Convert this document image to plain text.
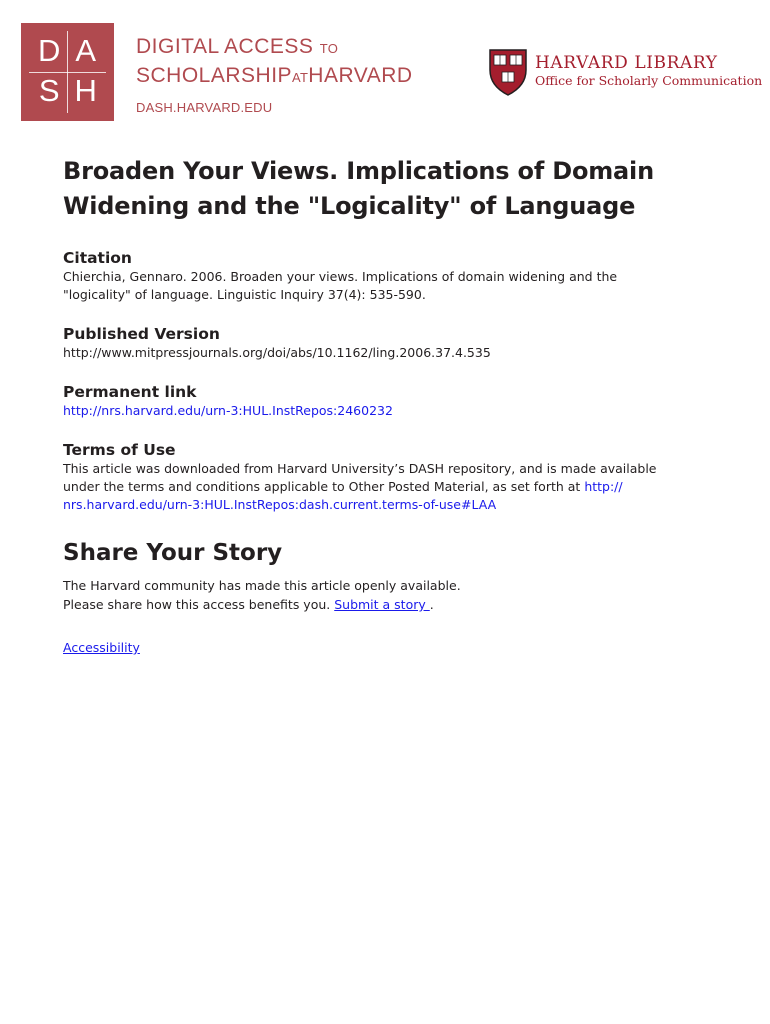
D A
S H
DIGITAL ACCESS TO
SCHOLARSHIPATHARVARD
DASH.HARVARD.EDU
HARVARD LIBRARY
Office for Scholarly Communication
Broaden Your Views. Implications of Domain
Widening and the "Logicality" of Language
Citation
Chierchia, Gennaro. 2006. Broaden your views. Implications of domain widening and the
"logicality" of language. Linguistic Inquiry 37(4): 535-590.
Published Version
http://www.mitpressjournals.org/doi/abs/10.1162/ling.2006.37.4.535
Permanent link
http://nrs.harvard.edu/urn-3:HUL.InstRepos:2460232
Terms of Use
This article was downloaded from Harvard University’s DASH repository, and is made available
under the terms and conditions applicable to Other Posted Material, as set forth at http://
nrs.harvard.edu/urn-3:HUL.InstRepos:dash.current.terms-of-use#LAA
Share Your Story
The Harvard community has made this article openly available.
Please share how this access benefits you. Submit a story .
Accessibility
